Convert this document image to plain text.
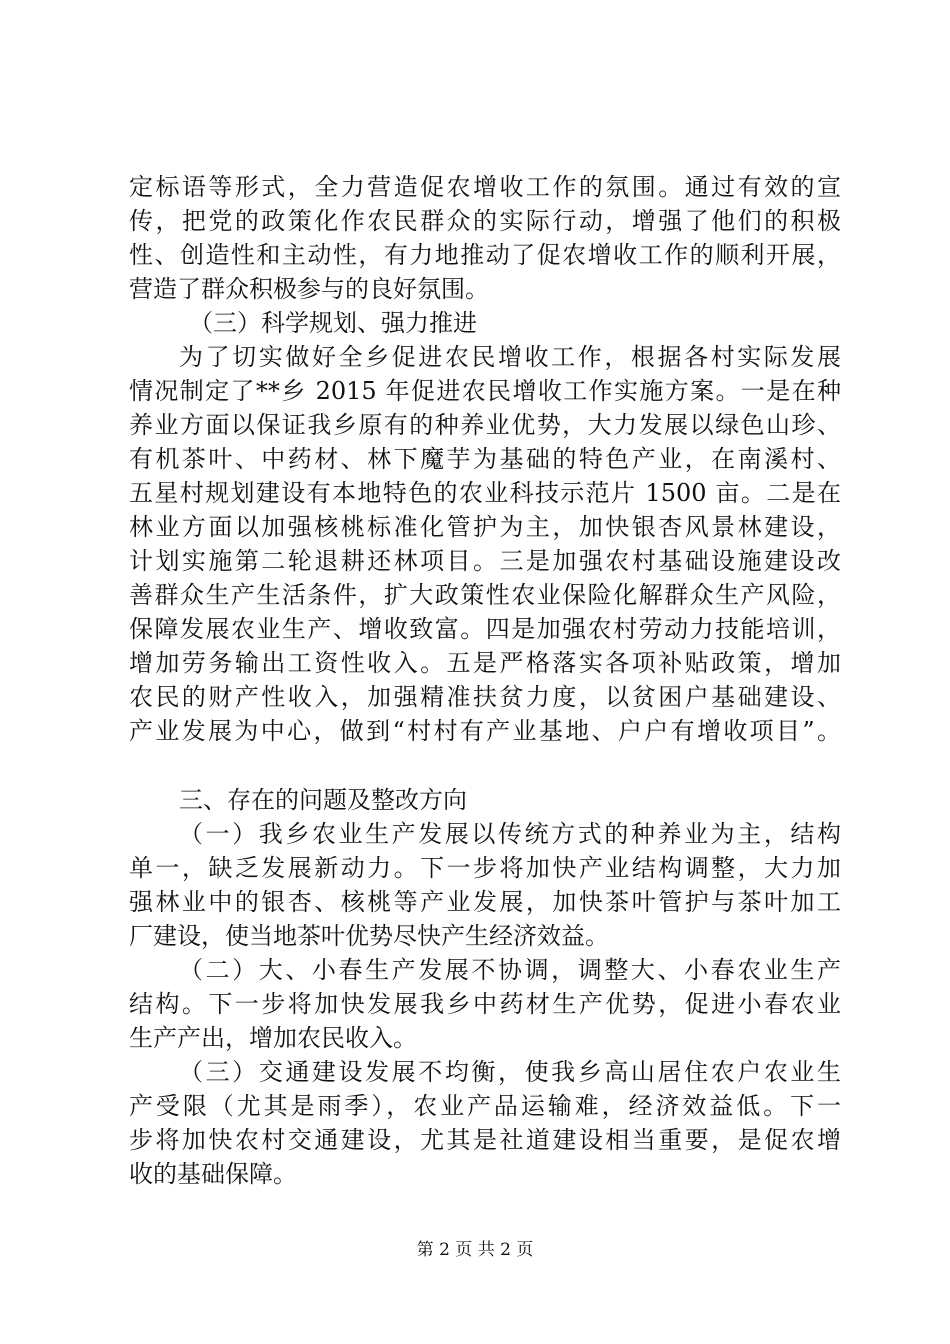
定标语等形式，全力营造促农增收工作的氛围。通过有效的宣
传，把党的政策化作农民群众的实际行动，增强了他们的积极
性、创造性和主动性，有力地推动了促农增收工作的顺利开展，
营造了群众积极参与的良好氛围。
（三）科学规划、强力推进
为了切实做好全乡促进农民增收工作，根据各村实际发展
情况制定了**乡 2015 年促进农民增收工作实施方案。一是在种
养业方面以保证我乡原有的种养业优势，大力发展以绿色山珍、
有机茶叶、中药材、林下魔芋为基础的特色产业，在南溪村、
五星村规划建设有本地特色的农业科技示范片 1500 亩。二是在
林业方面以加强核桃标准化管护为主，加快银杏风景林建设，
计划实施第二轮退耕还林项目。三是加强农村基础设施建设改
善群众生产生活条件，扩大政策性农业保险化解群众生产风险，
保障发展农业生产、增收致富。四是加强农村劳动力技能培训，
增加劳务输出工资性收入。五是严格落实各项补贴政策，增加
农民的财产性收入，加强精准扶贫力度，以贫困户基础建设、
产业发展为中心，做到“村村有产业基地、户户有增收项目”。
三、存在的问题及整改方向
（一）我乡农业生产发展以传统方式的种养业为主，结构
单一，缺乏发展新动力。下一步将加快产业结构调整，大力加
强林业中的银杏、核桃等产业发展，加快茶叶管护与茶叶加工
厂建设，使当地茶叶优势尽快产生经济效益。
（二）大、小春生产发展不协调，调整大、小春农业生产
结构。下一步将加快发展我乡中药材生产优势，促进小春农业
生产产出，增加农民收入。
（三）交通建设发展不均衡，使我乡高山居住农户农业生
产受限（尤其是雨季），农业产品运输难，经济效益低。下一
步将加快农村交通建设，尤其是社道建设相当重要，是促农增
收的基础保障。
第 2 页 共 2 页
